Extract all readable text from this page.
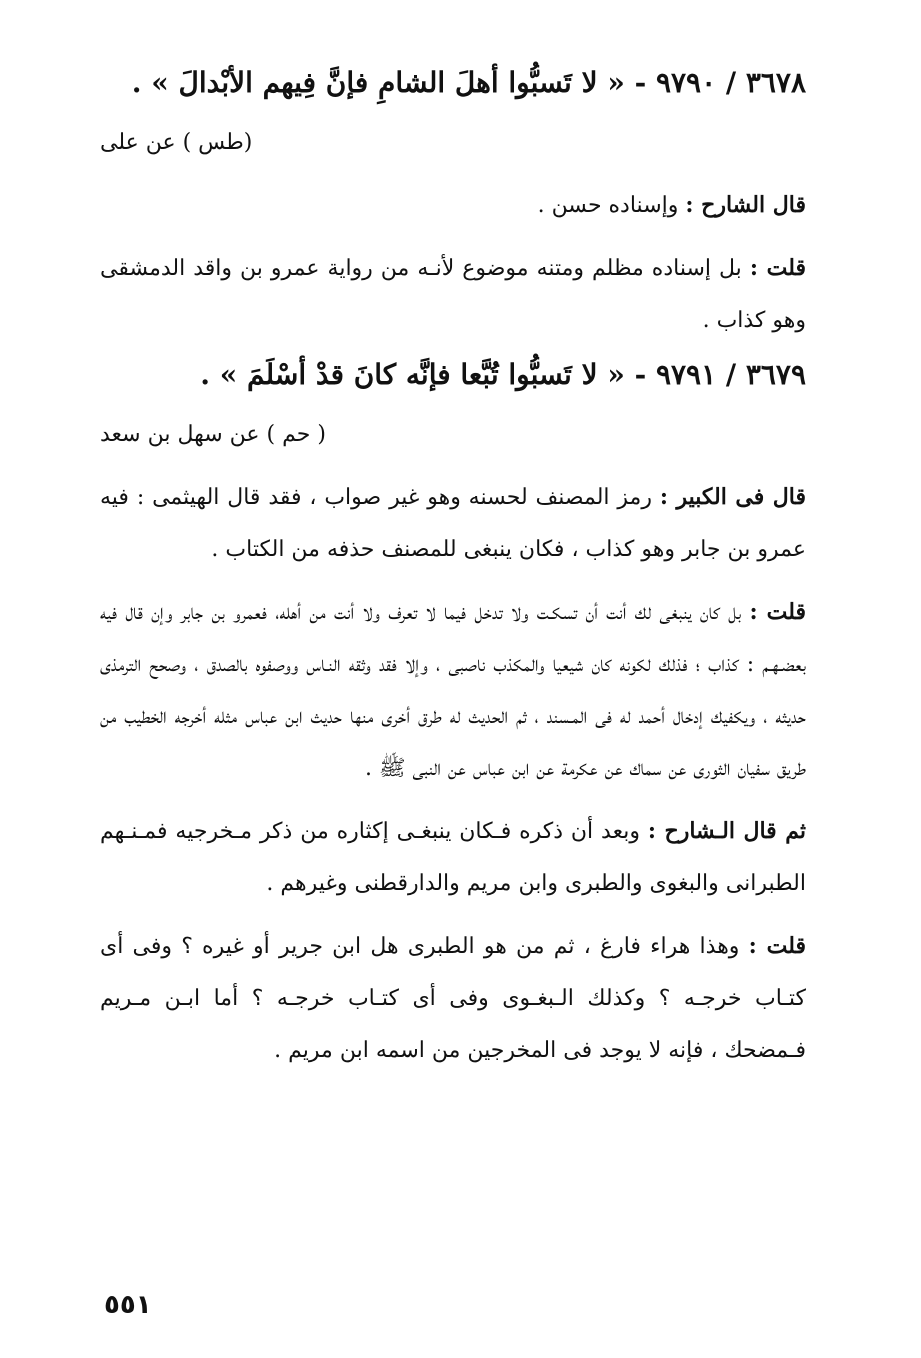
٣٦٧٨ / ٩٧٩٠ - « لا تَسبُّوا أهلَ الشامِ فإنَّ فِيهم الأبْدالَ » .

(طس ) عن على

قال الشارح : وإسناده حسن .

قلت : بل إسناده مظلم ومتنه موضوع لأنـه من رواية عمرو بن واقد الدمشقى وهو كذاب .

٣٦٧٩ / ٩٧٩١ - « لا تَسبُّوا تُبَّعا فإنَّه كانَ قدْ أسْلَمَ » .

( حم ) عن سهل بن سعد

قال فى الكبير : رمز المصنف لحسنه وهو غير صواب ، فقد قال الهيثمى : فيه عمرو بن جابر وهو كذاب ، فكان ينبغى للمصنف حذفه من الكتاب .

قلت : بل كان ينبغى لك أنت أن تسكـت ولا تدخل فيما لا تعرف ولا أنت من أهله، فعمرو بن جابر وإن قال فيه بعضـهـم : كذاب ؛ فذلك لكونه كان شيعيا والمكذب ناصبى ، وإلا فقد وثقه النـاس ووصفوه بالصدق ، وصحح الترمذى حديثه ، ويكفيك إدخال أحمد له فى المـسند ، ثم الحديث له طرق أخرى منها حديث ابن عباس مثله أخرجه الخطيب من طريق سفيان الثورى عن سماك عن عكرمة عن ابن عباس عن النبى ﷺ .

ثم قال الـشارح : وبعد أن ذكره فـكان ينبغـى إكثاره من ذكر مـخرجيه فمـنـهم الطبرانى والبغوى والطبرى وابن مريم والدارقطنى وغيرهم .

قلت : وهذا هراء فارغ ، ثم من هو الطبرى هل ابن جرير أو غيره ؟ وفى أى كتـاب خرجـه ؟ وكذلك الـبغـوى وفى أى كتـاب خرجـه ؟ أما ابـن مـريم فـمضحك ، فإنه لا يوجد فى المخرجين من اسمه ابن مريم .

٥٥١
